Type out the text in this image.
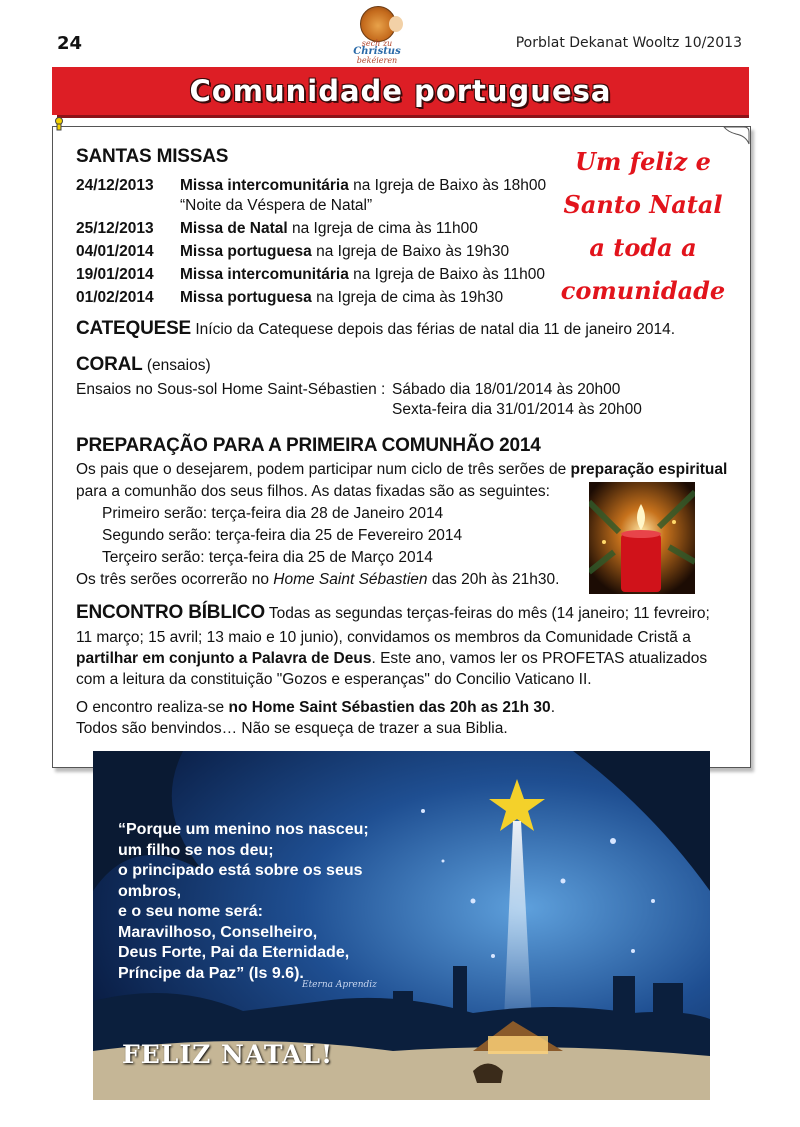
24	sech zu
Christus
bekéieren
Porblat Dekanat Wooltz 10/2013
Comunidade portuguesa
Um feliz e
Santo Natal
a toda a
comunidade
SANTAS MISSAS
24/12/2013 Missa intercomunitária na Igreja de Baixo às 18h00
“Noite da Véspera de Natal”
25/12/2013 Missa de Natal na Igreja de cima às 11h00
04/01/2014 Missa portuguesa na Igreja de Baixo às 19h30
19/01/2014 Missa intercomunitária na Igreja de Baixo às 11h00
01/02/2014 Missa portuguesa na Igreja de cima às 19h30
CATEQUESE Início da Catequese depois das férias de natal dia 11 de janeiro 2014.
CORAL (ensaios)
Ensaios no Sous-sol Home Saint-Sébastien : Sábado dia 18/01/2014 às 20h00
Sexta-feira dia 31/01/2014 às 20h00
PREPARAÇÃO PARA A PRIMEIRA COMUNHÃO 2014
Os pais que o desejarem, podem participar num ciclo de três serões de preparação espiritual
para a comunhão dos seus filhos. As datas fixadas são as seguintes:
Primeiro serão: terça-feira dia 28 de Janeiro 2014
Segundo serão: terça-feira dia 25 de Fevereiro 2014
Terçeiro serão: terça-feira dia 25 de Março 2014
Os três serões ocorrerão no Home Saint Sébastien das 20h às 21h30.
ENCONTRO BÍBLICO Todas as segundas terças-feiras do mês (14 janeiro; 11 fevreiro;
11 março; 15 avril; 13 maio e 10 junio), convidamos os membros da Comunidade Cristã a
partilhar em conjunto a Palavra de Deus. Este ano, vamos ler os PROFETAS atualizados
com a leitura da constituição "Gozos e esperanças" do Concilio Vaticano II.
O encontro realiza-se no Home Saint Sébastien das 20h as 21h 30.
Todos são benvindos… Não se esqueça de trazer a sua Biblia.
“Porque um menino nos nasceu;
um filho se nos deu;
o principado está sobre os seus ombros,
e o seu nome será:
Maravilhoso, Conselheiro,
Deus Forte, Pai da Eternidade,
Príncipe da Paz” (Is 9.6).
Eterna Aprendiz
FELIZ NATAL!
